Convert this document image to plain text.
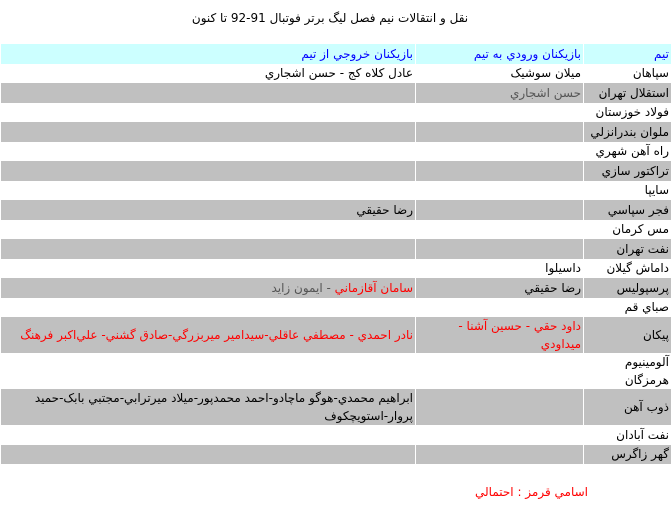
نقل و انتقالات نيم فصل ليگ برتر فوتبال 91-92 تا كنون
تيم	بازيكنان ورودي به تيم	بازيكنان خروجي از تيم
سپاهان	ميلان سوشيک	عادل كلاه كج - حسن اشجاري
استقلال تهران	حسن اشجاري	
فولاد خوزستان		
ملوان بندرانزلي		
راه آهن شهري		
تراكتور سازي		
سايپا		
فجر سپاسي		رضا حقيقي
مس كرمان		
نفت تهران		
داماش گيلان	داسيلوا	
پرسپوليس	رضا حقيقي	سامان آقازماني - ايمون زايد
صباي قم		
پيكان	داود حقي - حسين آشنا - ميداودي	نادر احمدي - مصطفي عاقلي-سيدامير ميربزرگي-صادق گشني- علي‌اكبر فرهنگ
آلومينيوم هرمزگان		
ذوب آهن		ابراهيم محمدي-هوگو ماچادو-احمد محمدپور-ميلاد ميرترابي-مجتبي بابک-حميد پروار-استويچكوف
نفت آبادان		
گهر زاگرس		
اسامي قرمز : احتمالي
